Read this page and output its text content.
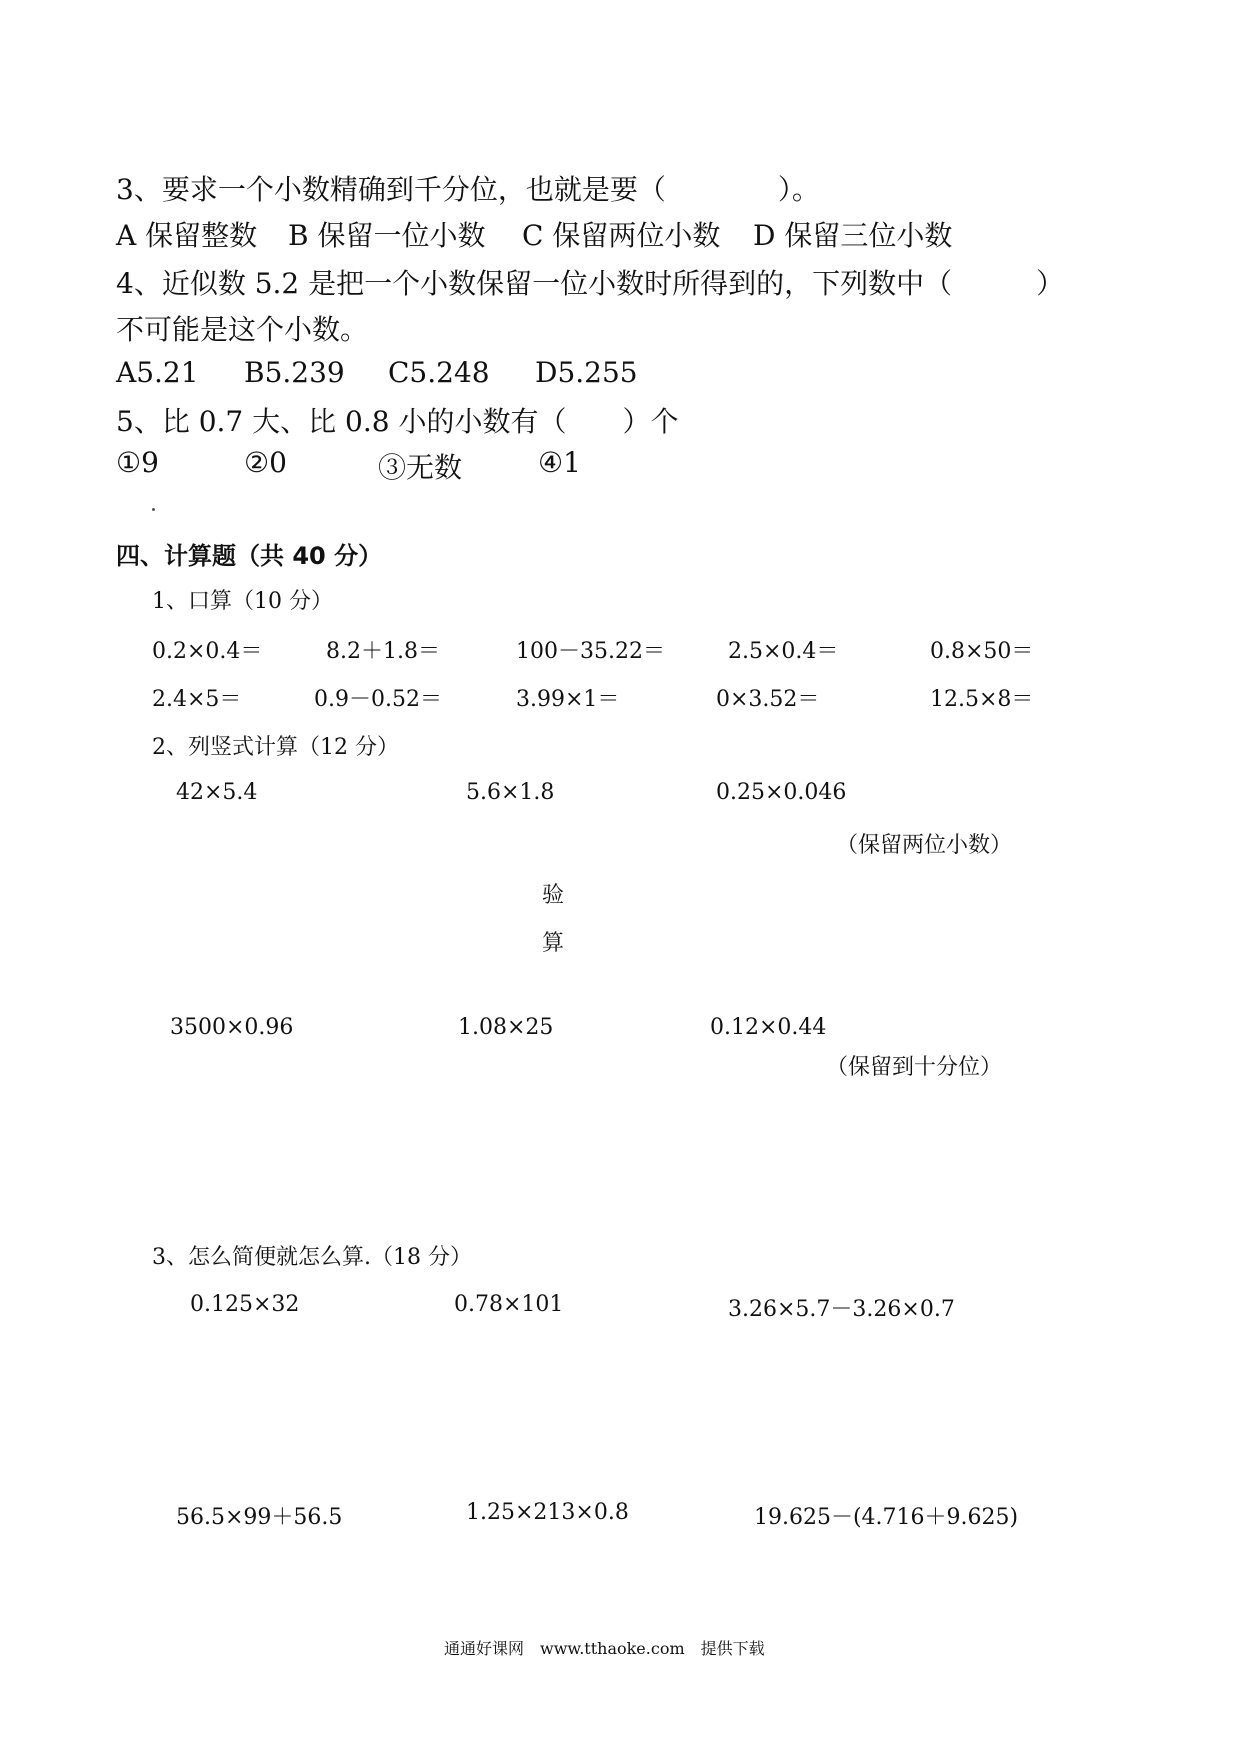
3、要求一个小数精确到千分位，也就是要（　　　　）。
A 保留整数 B 保留一位小数 C 保留两位小数 D 保留三位小数
4、近似数 5.2 是把一个小数保留一位小数时所得到的，下列数中（　　　）
不可能是这个小数。
A5.21 B5.239 C5.248 D5.255
5、比 0.7 大、比 0.8 小的小数有（　　）个
①9	②0	③无数	④1
四、计算题（共 40 分）
1、口算（10 分）
0.2×0.4＝	8.2＋1.8＝	100－35.22＝	2.5×0.4＝	0.8×50＝
2.4×5＝	0.9－0.52＝	3.99×1＝	0×3.52＝	12.5×8＝
2、列竖式计算（12 分）
42×5.4	5.6×1.8	0.25×0.046
（保留两位小数）
验
算
3500×0.96	1.08×25	0.12×0.44
（保留到十分位）
3、怎么简便就怎么算.（18 分）
0.125×32	0.78×101	3.26×5.7－3.26×0.7
56.5×99＋56.5	1.25×213×0.8	19.625－(4.716＋9.625)
通通好课网　www.tthaoke.com　提供下载
